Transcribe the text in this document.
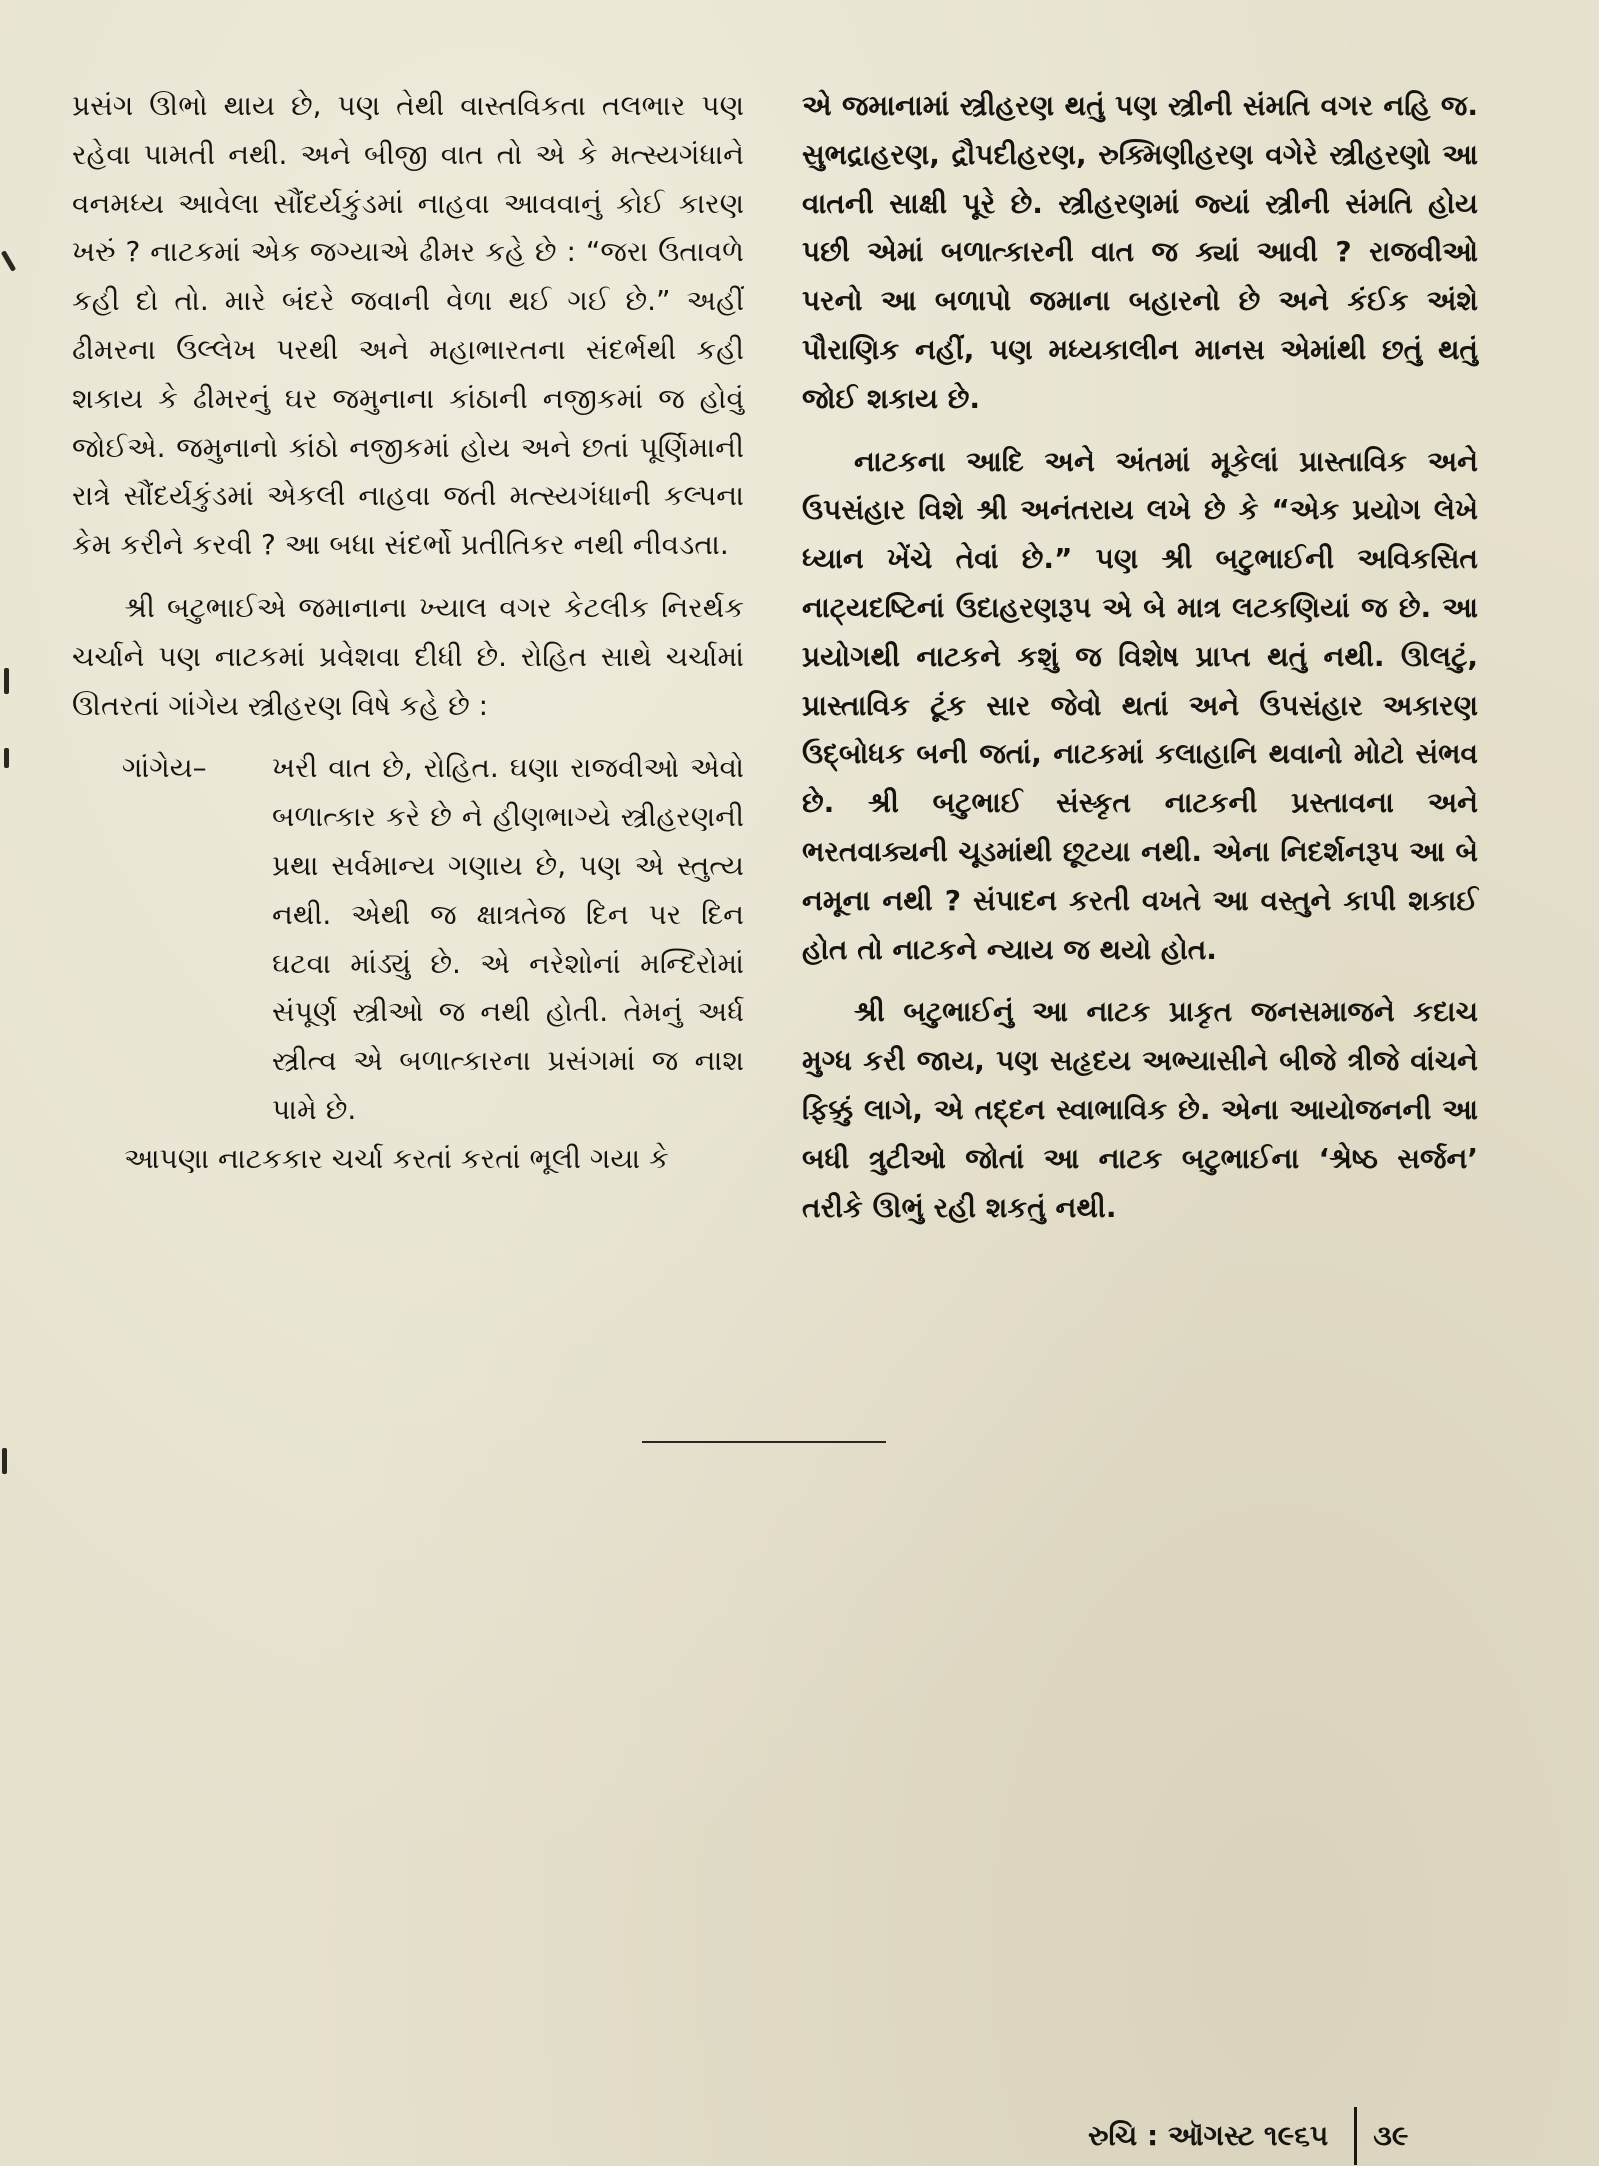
પ્રસંગ ઊભો થાય છે, પણ તેથી વાસ્તવિકતા તલભાર પણ રહેવા પામતી નથી. અને બીજી વાત તો એ કે મત્સ્યગંધાને વનમધ્ય આવેલા સૌંદર્યકુંડમાં નાહવા આવવાનું કોઈ કારણ ખરું ? નાટકમાં એક જગ્યાએ ઢીમર કહે છે : “જરા ઉતાવળે કહી દો તો. મારે બંદરે જવાની વેળા થઈ ગઈ છે.” અહીં ઢીમરના ઉલ્લેખ પરથી અને મહાભારતના સંદર્ભથી કહી શકાય કે ઢીમરનું ઘર જમુનાના કાંઠાની નજીકમાં જ હોવું જોઈએ. જમુનાનો કાંઠો નજીકમાં હોય અને છતાં પૂર્ણિમાની રાત્રે સૌંદર્યકુંડમાં એકલી નાહવા જતી મત્સ્યગંધાની કલ્પના કેમ કરીને કરવી ? આ બધા સંદર્ભો પ્રતીતિકર નથી નીવડતા.

શ્રી બટુભાઈએ જમાનાના ખ્યાલ વગર કેટલીક નિરર્થક ચર્ચાને પણ નાટકમાં પ્રવેશવા દીધી છે. રોહિત સાથે ચર્ચામાં ઊતરતાં ગાંગેય સ્ત્રીહરણ વિષે કહે છે :

ગાંગેય–	ખરી વાત છે, રોહિત. ઘણા રાજવીઓ એવો બળાત્કાર કરે છે ને હીણભાગ્યે સ્ત્રીહરણની પ્રથા સર્વમાન્ય ગણાય છે, પણ એ સ્તુત્ય નથી. એથી જ ક્ષાત્રતેજ દિન પર દિન ઘટવા માંડ્યું છે. એ નરેશોનાં મન્દિરોમાં સંપૂર્ણ સ્ત્રીઓ જ નથી હોતી. તેમનું અર્ધ સ્ત્રીત્વ એ બળાત્કારના પ્રસંગમાં જ નાશ પામે છે.

આપણા નાટકકાર ચર્ચા કરતાં કરતાં ભૂલી ગયા કે

એ જમાનામાં સ્ત્રીહરણ થતું પણ સ્ત્રીની સંમતિ વગર નહિ જ. સુભદ્રાહરણ, દ્રૌપદીહરણ, રુક્મિણીહરણ વગેરે સ્ત્રીહરણો આ વાતની સાક્ષી પૂરે છે. સ્ત્રીહરણમાં જ્યાં સ્ત્રીની સંમતિ હોય પછી એમાં બળાત્કારની વાત જ ક્યાં આવી ? રાજવીઓ પરનો આ બળાપો જમાના બહારનો છે અને કંઈક અંશે પૌરાણિક નહીં, પણ મધ્યકાલીન માનસ એમાંથી છતું થતું જોઈ શકાય છે.

નાટકના આદિ અને અંતમાં મૂકેલાં પ્રાસ્તાવિક અને ઉપસંહાર વિશે શ્રી અનંતરાય લખે છે કે “એક પ્રયોગ લેખે ધ્યાન ખેંચે તેવાં છે.” પણ શ્રી બટુભાઈની અવિકસિત નાટ્યદષ્ટિનાં ઉદાહરણરૂપ એ બે માત્ર લટકણિયાં જ છે. આ પ્રયોગથી નાટકને કશું જ વિશેષ પ્રાપ્ત થતું નથી. ઊલટું, પ્રાસ્તાવિક ટૂંક સાર જેવો થતાં અને ઉપસંહાર અકારણ ઉદ્બોધક બની જતાં, નાટકમાં કલાહાનિ થવાનો મોટો સંભવ છે. શ્રી બટુભાઈ સંસ્કૃત નાટકની પ્રસ્તાવના અને ભરતવાક્યની ચૂડમાંથી છૂટયા નથી. એના નિદર્શનરૂપ આ બે નમૂના નથી ? સંપાદન કરતી વખતે આ વસ્તુને કાપી શકાઈ હોત તો નાટકને ન્યાય જ થયો હોત.

શ્રી બટુભાઈનું આ નાટક પ્રાકૃત જનસમાજને કદાચ મુગ્ધ કરી જાય, પણ સહૃદય અભ્યાસીને બીજે ત્રીજે વાંચને ફિક્કું લાગે, એ તદ્દન સ્વાભાવિક છે. એના આયોજનની આ બધી ત્રુટીઓ જોતાં આ નાટક બટુભાઈના ‘શ્રેષ્ઠ સર્જન’ તરીકે ઊભું રહી શકતું નથી.

રુચિ : ઑગસ્ટ ૧૯૬૫ ૩૯
